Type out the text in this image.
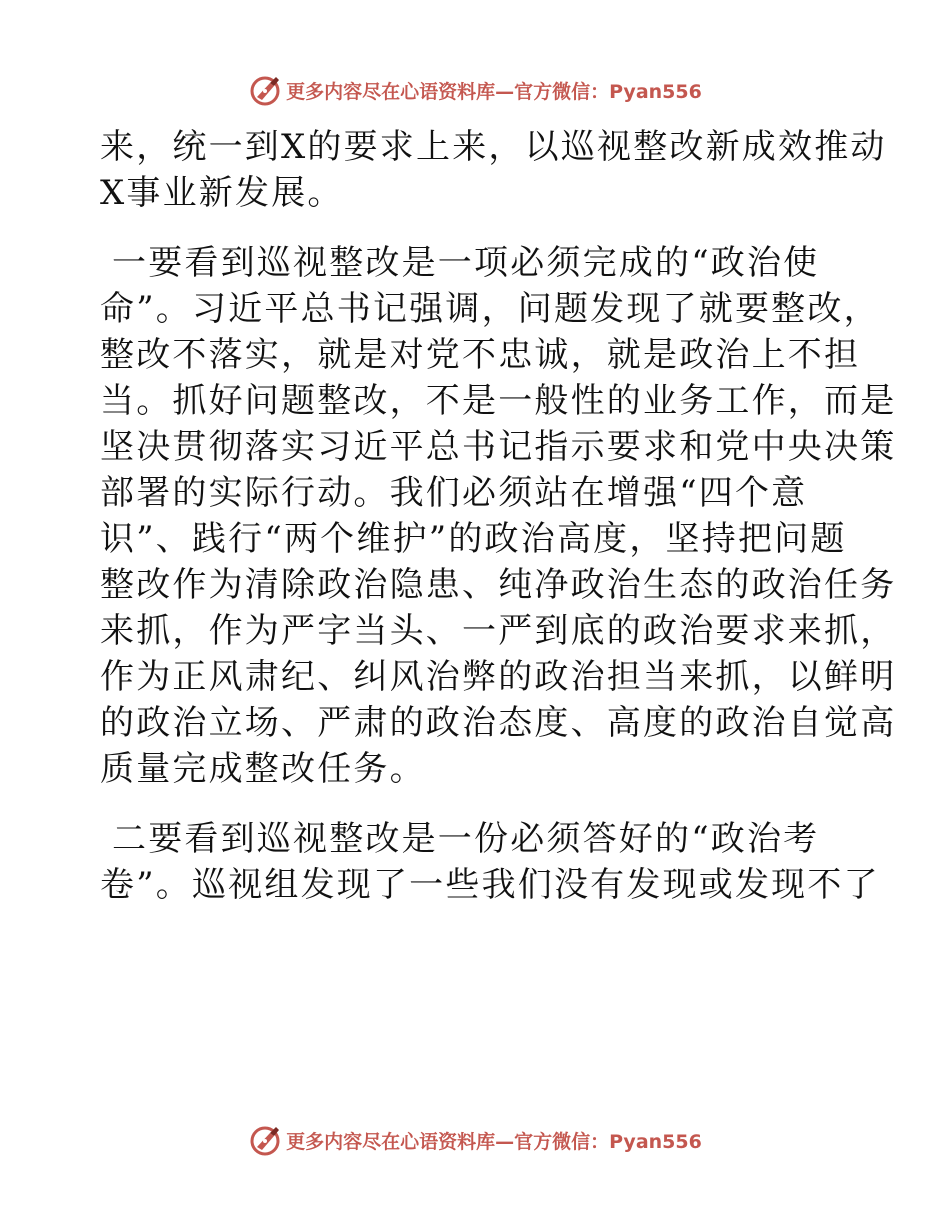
更多内容尽在心语资料库—官方微信：Pyan556
来，统一到X的要求上来，以巡视整改新成效推动
X事业新发展。
一要看到巡视整改是一项必须完成的“政治使
命”。习近平总书记强调，问题发现了就要整改，
整改不落实，就是对党不忠诚，就是政治上不担
当。抓好问题整改，不是一般性的业务工作，而是
坚决贯彻落实习近平总书记指示要求和党中央决策
部署的实际行动。我们必须站在增强“四个意
识”、践行“两个维护”的政治高度，坚持把问题
整改作为清除政治隐患、纯净政治生态的政治任务
来抓，作为严字当头、一严到底的政治要求来抓，
作为正风肃纪、纠风治弊的政治担当来抓，以鲜明
的政治立场、严肃的政治态度、高度的政治自觉高
质量完成整改任务。
二要看到巡视整改是一份必须答好的“政治考
卷”。巡视组发现了一些我们没有发现或发现不了
更多内容尽在心语资料库—官方微信：Pyan556
